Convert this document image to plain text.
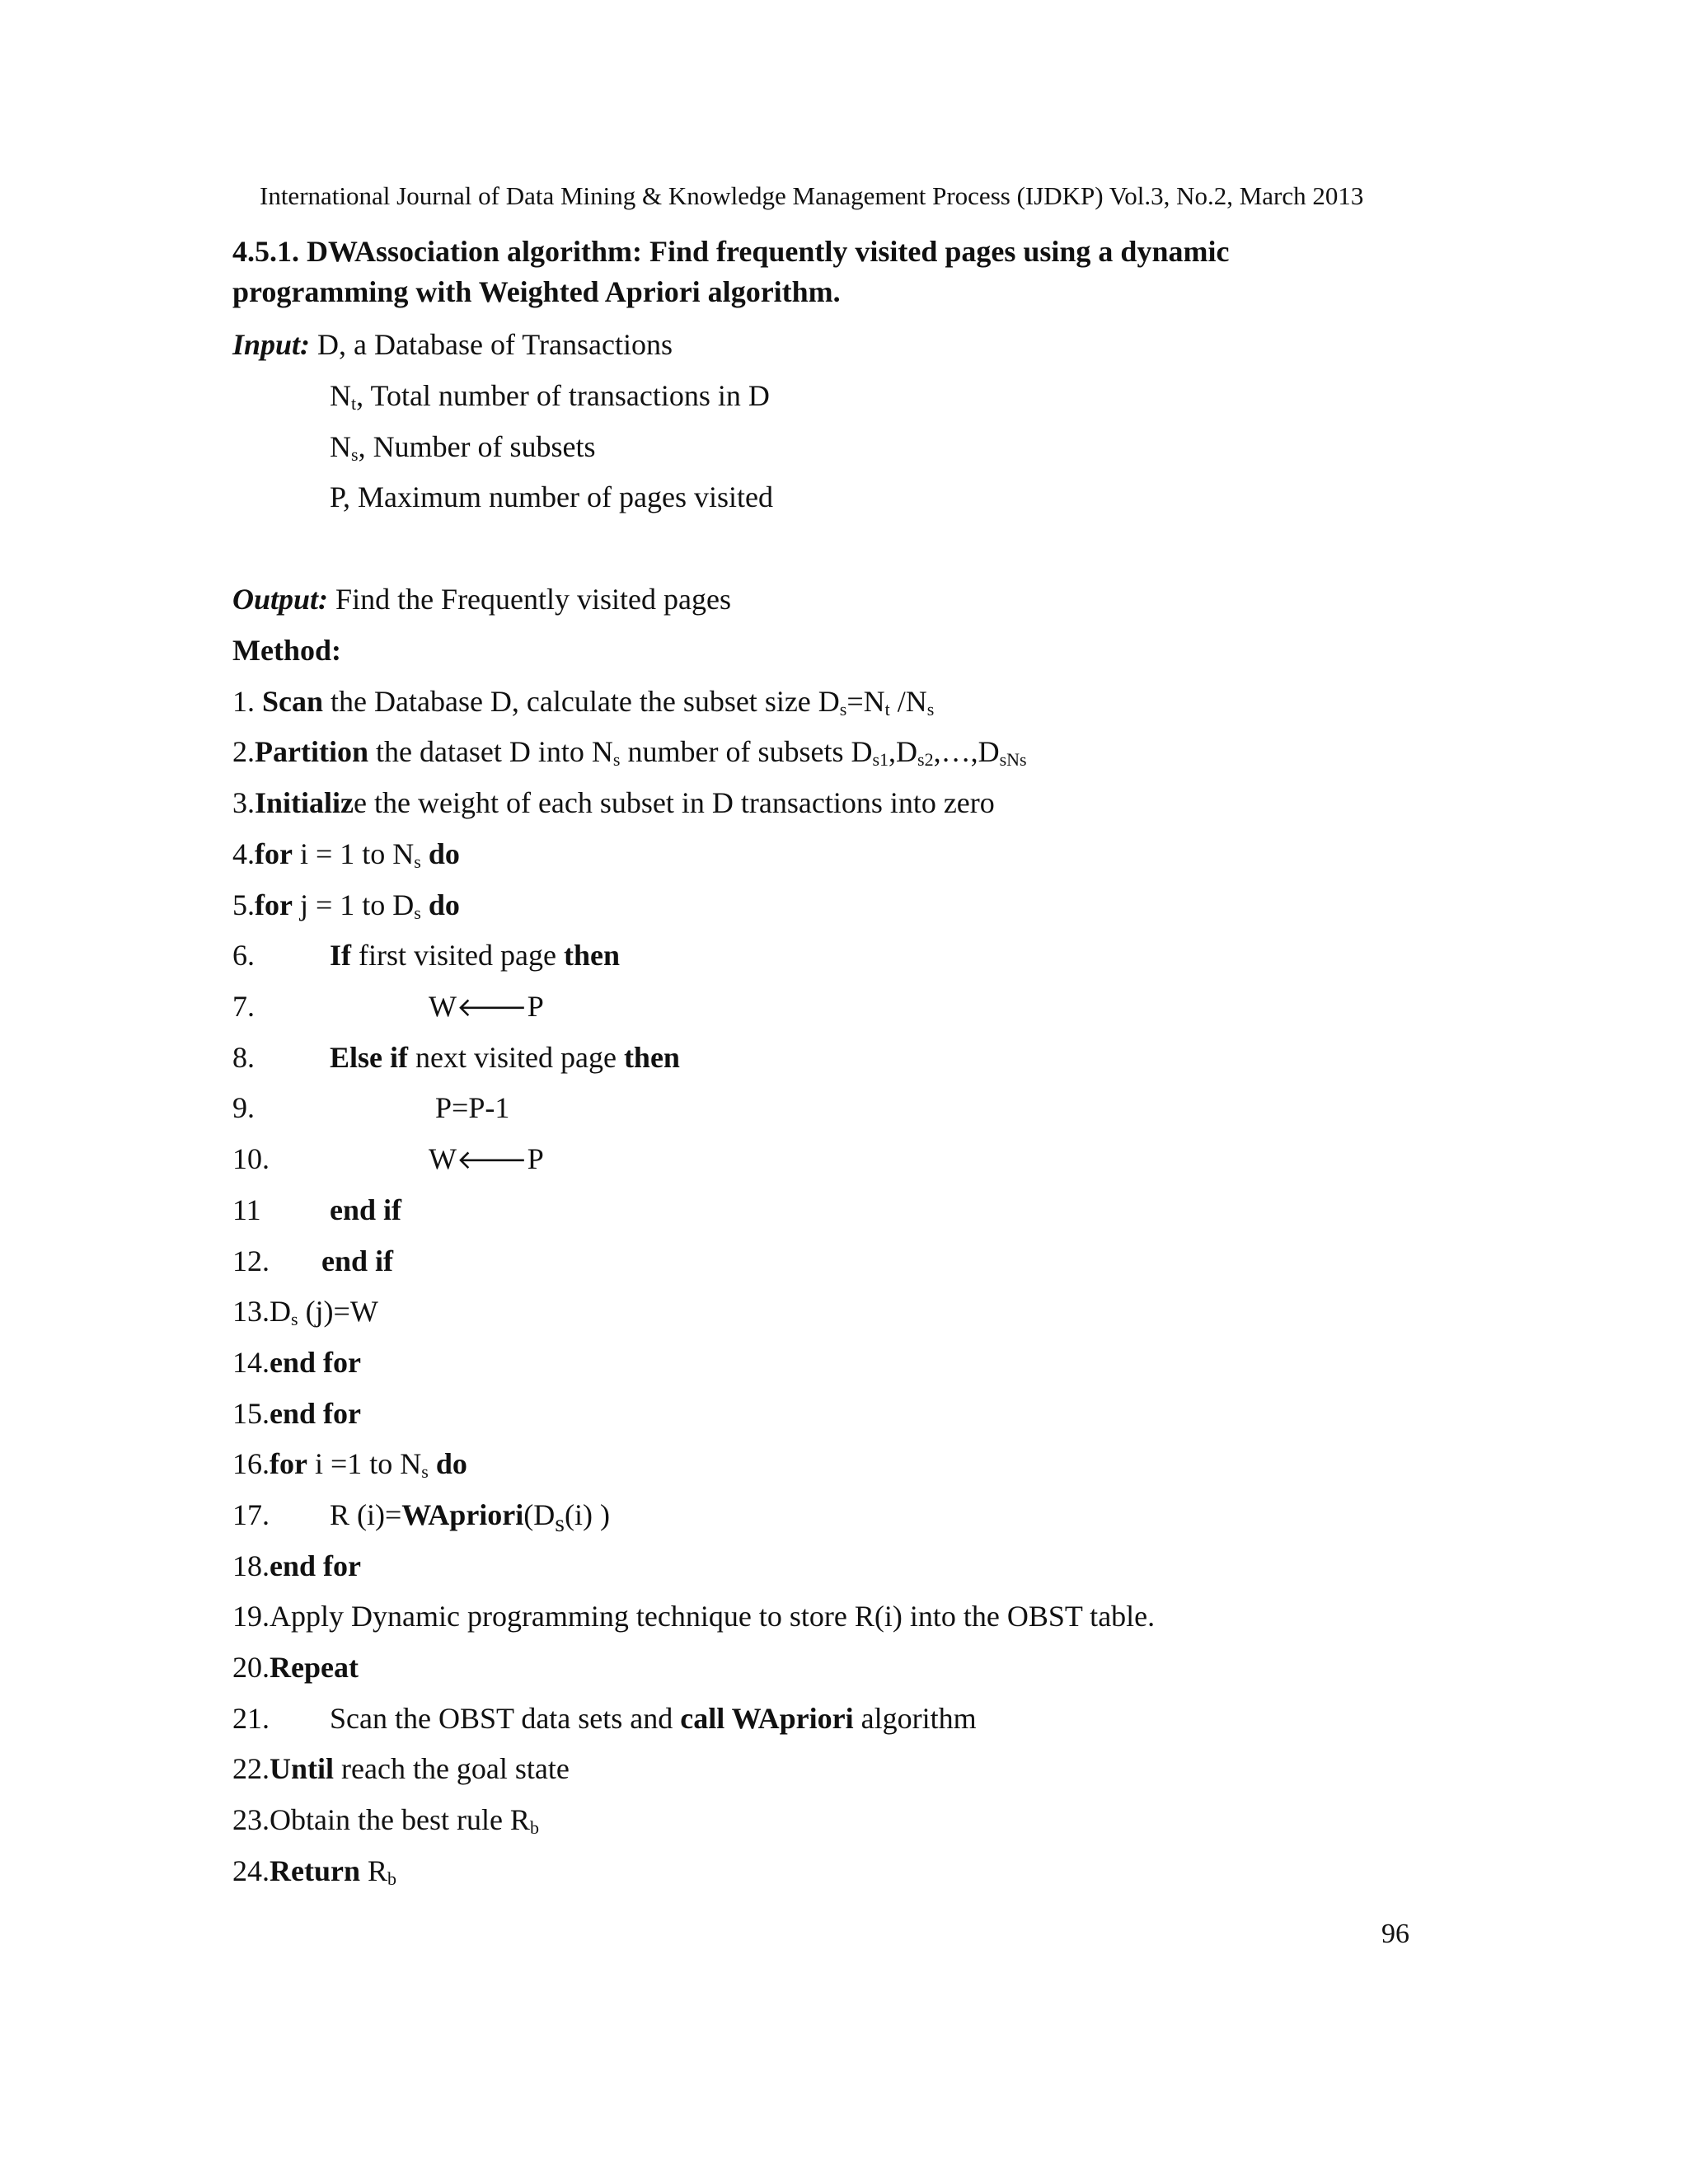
International Journal of Data Mining & Knowledge Management Process (IJDKP) Vol.3, No.2, March 2013
4.5.1. DWAssociation algorithm: Find frequently visited pages using a dynamic
programming with Weighted Apriori algorithm.
Input: D, a Database of Transactions
$N_t$, Total number of transactions in D
$N_s$, Number of subsets
P, Maximum number of pages visited
Output: Find the Frequently visited pages
Method:
1. Scan the Database D, calculate the subset size $D_s=N_t$ $/N_s$
2.Partition the dataset D into $N_s$ number of subsets $D_{s1},D_{s2},\dots,D_{sNs}$
3.Initialize the weight of each subset in D transactions into zero
4.for i = 1 to $N_s$ do
5.for j = 1 to $D_s$ do
6.	If first visited page then
7.	W🡐P
8.	Else if next visited page then
9.	P=P-1
10.	W🡐P
11 end if
12. end if
$13.D_s$ (j)=W
14.end for
15.end for
16.for i =1 to $N_s$ do
17. R $(i)=WApriori(D_s(i)$ )
18.end for
19.Apply Dynamic programming technique to store R(i) into the OBST table.
20.Repeat
21. Scan the OBST data sets and call WApriori algorithm
22.Until reach the goal state
23.Obtain the best rule $R_b$
24.Return $R_b$
96
